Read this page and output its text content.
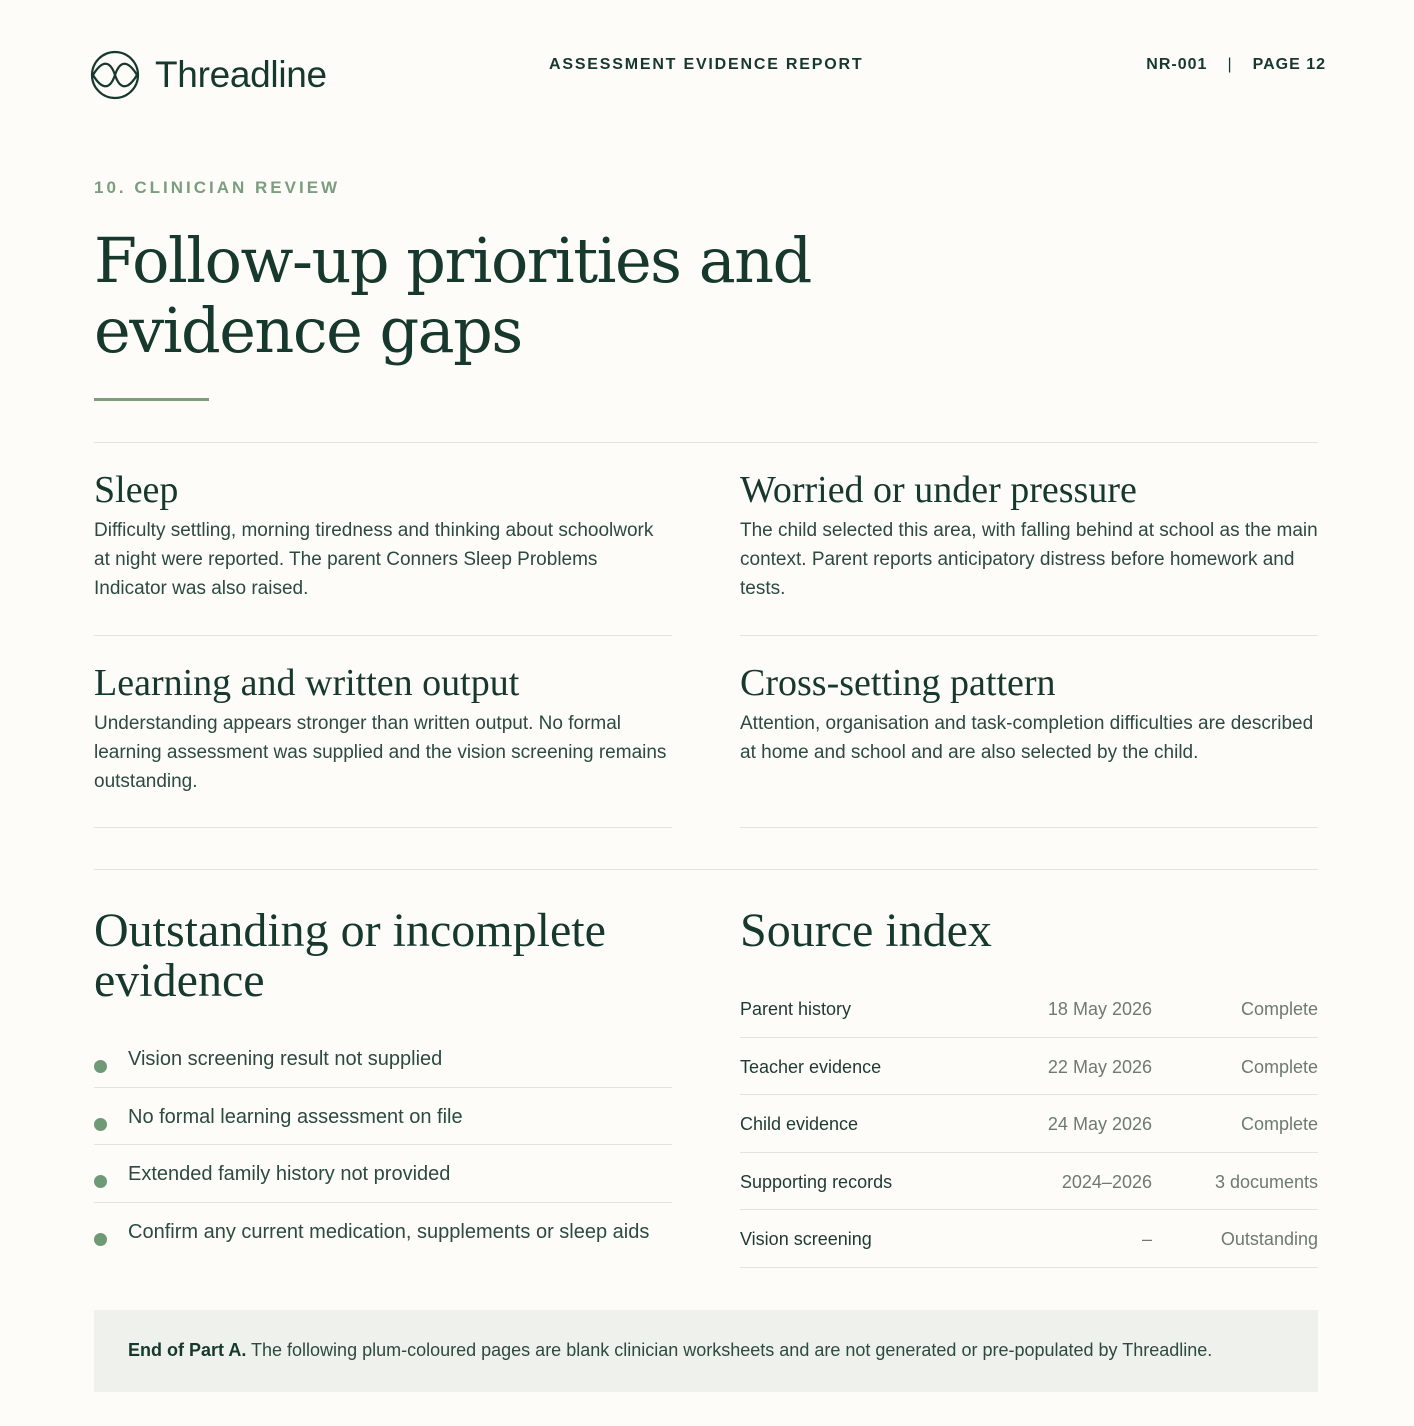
Threadline	ASSESSMENT EVIDENCE REPORT	NR-001 | PAGE 12
10. CLINICIAN REVIEW
Follow-up priorities and evidence gaps
Sleep

Difficulty settling, morning tiredness and thinking about schoolwork at night were reported. The parent Conners Sleep Problems Indicator was also raised.

Worried or under pressure

The child selected this area, with falling behind at school as the main context. Parent reports anticipatory distress before homework and tests.

Learning and written output

Understanding appears stronger than written output. No formal learning assessment was supplied and the vision screening remains outstanding.

Cross-setting pattern

Attention, organisation and task-completion difficulties are described at home and school and are also selected by the child.

Outstanding or incomplete evidence
Vision screening result not supplied
No formal learning assessment on file
Extended family history not provided
Confirm any current medication, supplements or sleep aids
Source index
Parent history	18 May 2026	Complete
Teacher evidence	22 May 2026	Complete
Child evidence	24 May 2026	Complete
Supporting records	2024–2026	3 documents
Vision screening	–	Outstanding
End of Part A. The following plum-coloured pages are blank clinician worksheets and are not generated or pre-populated by Threadline.
